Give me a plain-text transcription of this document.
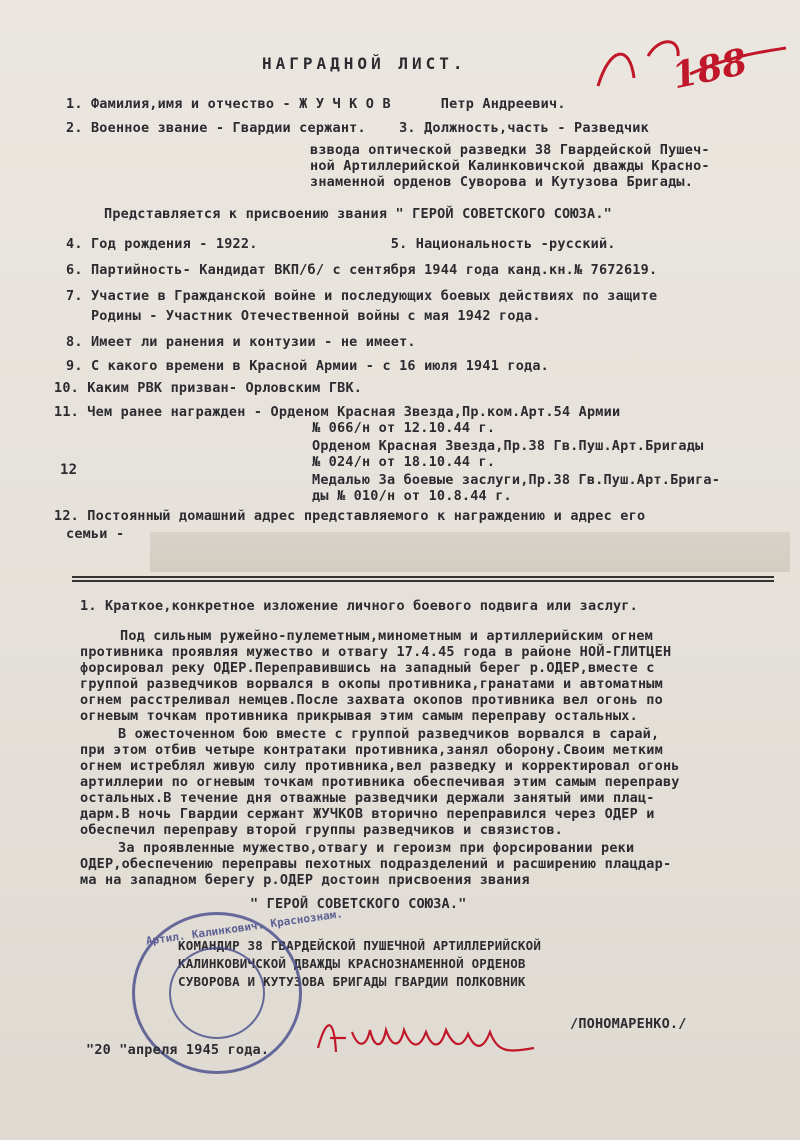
НАГРАДНОЙ ЛИСТ.	188
1. Фамилия,имя и отчество - Ж У Ч К О В      Петр Андреевич.
2. Военное звание - Гвардии сержант.    3. Должность,часть - Разведчик
взвода оптической разведки 38 Гвардейской Пушеч-
ной Артиллерийской Калинковичской дважды Красно-
знаменной орденов Суворова и Кутузова Бригады.
Представляется к присвоению звания " ГЕРОЙ СОВЕТСКОГО СОЮЗА."
4. Год рождения - 1922.                5. Национальность -русский.
6. Партийность- Кандидат ВКП/б/ с сентября 1944 года канд.кн.№ 7672619.
7. Участие в Гражданской войне и последующих боевых действиях по защите
Родины - Участник Отечественной войны с мая 1942 года.
8. Имеет ли ранения и контузии - не имеет.
9. С какого времени в Красной Армии - с 16 июля 1941 года.
10. Каким РВК призван- Орловским ГВК.
11. Чем ранее награжден - Орденом Красная Звезда,Пр.ком.Арт.54 Армии
№ 066/н от 12.10.44 г.
Орденом Красная Звезда,Пр.38 Гв.Пуш.Арт.Бригады
№ 024/н от 18.10.44 г.
Медалью За боевые заслуги,Пр.38 Гв.Пуш.Арт.Брига-
ды № 010/н от 10.8.44 г.
12
12. Постоянный домашний адрес представляемого к награждению и адрес его
семьи -
1. Краткое,конкретное изложение личного боевого подвига или заслуг.
Под сильным ружейно-пулеметным,минометным и артиллерийским огнем
противника проявляя мужество и отвагу 17.4.45 года в районе НОЙ-ГЛИТЦЕН
форсировал реку ОДЕР.Переправившись на западный берег р.ОДЕР,вместе с
группой разведчиков ворвался в окопы противника,гранатами и автоматным
огнем расстреливал немцев.После захвата окопов противника вел огонь по
огневым точкам противника прикрывая этим самым переправу остальных.
В ожесточенном бою вместе с группой разведчиков ворвался в сарай,
при этом отбив четыре контратаки противника,занял оборону.Своим метким
огнем истреблял живую силу противника,вел разведку и корректировал огонь
артиллерии по огневым точкам противника обеспечивая этим самым переправу
остальных.В течение дня отважные разведчики держали занятый ими плац-
дарм.В ночь Гвардии сержант ЖУЧКОВ вторично переправился через ОДЕР и
обеспечил переправу второй группы разведчиков и связистов.
За проявленные мужество,отвагу и героизм при форсировании реки
ОДЕР,обеспечению переправы пехотных подразделений и расширению плацдар-
ма на западном берегу р.ОДЕР достоин присвоения звания
" ГЕРОЙ СОВЕТСКОГО СОЮЗА."
КОМАНДИР 38 ГВАРДЕЙСКОЙ ПУШЕЧНОЙ АРТИЛЛЕРИЙСКОЙ
КАЛИНКОВИЧСКОЙ ДВАЖДЫ КРАСНОЗНАМЕННОЙ ОРДЕНОВ
СУВОРОВА И КУТУЗОВА БРИГАДЫ ГВАРДИИ ПОЛКОВНИК
Артил. Калинкович. Краснознам.
/ПОНОМАРЕНКО./
"20 "апреля 1945 года.
